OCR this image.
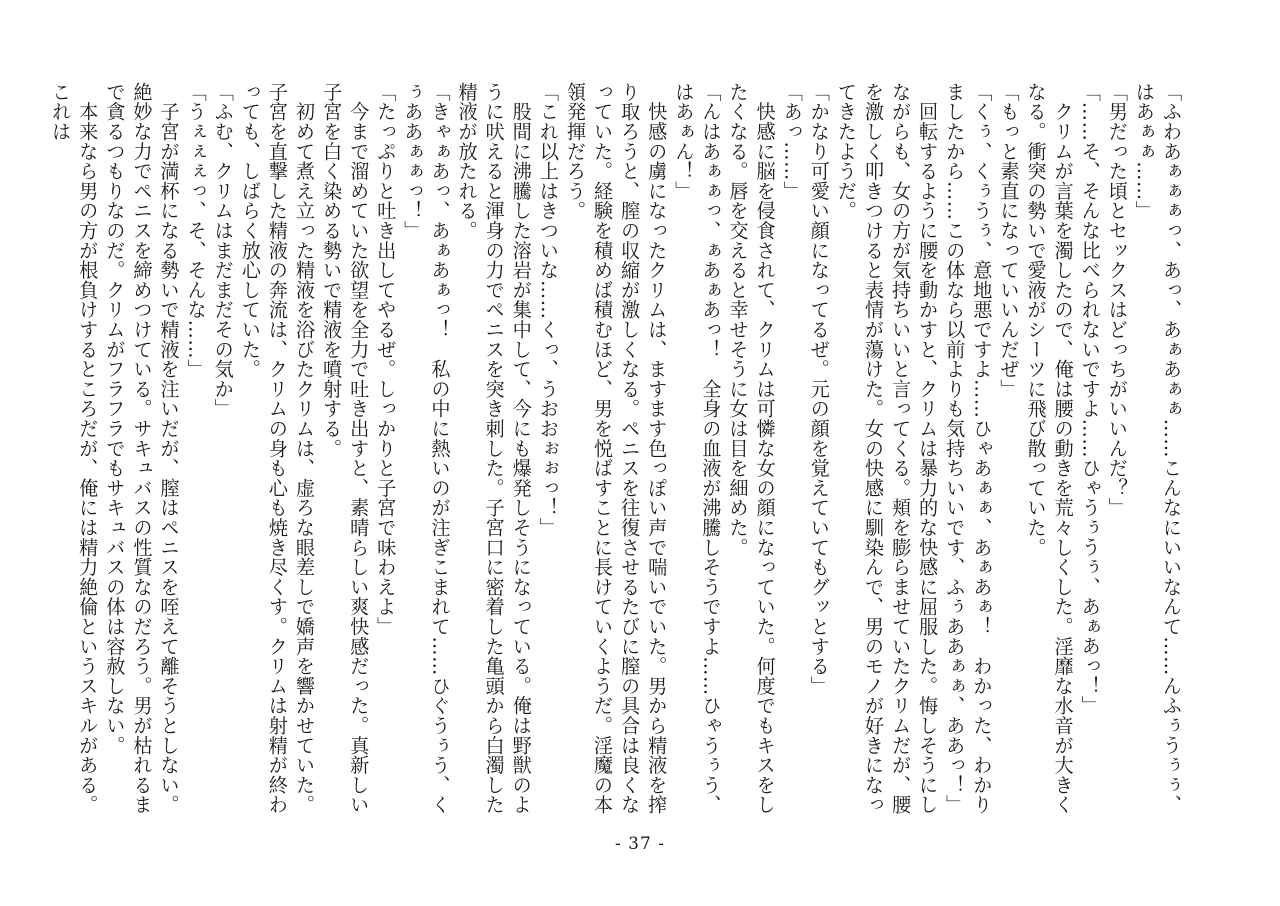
「ふわあぁぁぁっ、あっ、あぁあぁぁ……こんなにいいなんて……んふぅうぅぅ、はあぁぁ……」

「男だった頃とセックスはどっちがいいんだ？」

「……そ、そんな比べられないですよ……ひゃうぅうぅ、あぁあっ！」

　クリムが言葉を濁したので、俺は腰の動きを荒々しくした。淫靡な水音が大きくなる。衝突の勢いで愛液がシーツに飛び散っていた。

「もっと素直になっていいんだぜ」

「くぅ、くぅうぅ、意地悪ですよ……ひゃあぁぁ、あぁあぁ！　わかった、わかりましたから……この体なら以前よりも気持ちいいです、ふぅああぁぁ、ああっ！」

　回転するように腰を動かすと、クリムは暴力的な快感に屈服した。悔しそうにしながらも、女の方が気持ちいいと言ってくる。頬を膨らませていたクリムだが、腰を激しく叩きつけると表情が蕩けた。女の快感に馴染んで、男のモノが好きになってきたようだ。

「かなり可愛い顔になってるぜ。元の顔を覚えていてもグッとする」

「あっ……」

　快感に脳を侵食されて、クリムは可憐な女の顔になっていた。何度でもキスをしたくなる。唇を交えると幸せそうに女は目を細めた。

「んはあぁぁっ、ぁあぁあっ！　全身の血液が沸騰しそうですよ……ひゃうぅう、はあぁん！」

　快感の虜になったクリムは、ますます色っぽい声で喘いでいた。男から精液を搾り取ろうと、膣の収縮が激しくなる。ペニスを往復させるたびに膣の具合は良くなっていた。経験を積めば積むほど、男を悦ばすことに長けていくようだ。淫魔の本領発揮だろう。

「これ以上はきついな……くっ、うおおぉぉっ！」

　股間に沸騰した溶岩が集中して、今にも爆発しそうになっている。俺は野獣のように吠えると渾身の力でペニスを突き刺した。子宮口に密着した亀頭から白濁した精液が放たれる。

「きゃぁあっ、あぁあぁっ！　私の中に熱いのが注ぎこまれて……ひぐうぅう、くぅああぁぁっ！」

「たっぷりと吐き出してやるぜ。しっかりと子宮で味わえよ」

　今まで溜めていた欲望を全力で吐き出すと、素晴らしい爽快感だった。真新しい子宮を白く染める勢いで精液を噴射する。

　初めて煮え立った精液を浴びたクリムは、虚ろな眼差しで嬌声を響かせていた。子宮を直撃した精液の奔流は、クリムの身も心も焼き尽くす。クリムは射精が終わっても、しばらく放心していた。

「ふむ、クリムはまだまだその気か」

「うぇぇぇっ、そ、そんな……」

　子宮が満杯になる勢いで精液を注いだが、膣はペニスを咥えて離そうとしない。絶妙な力でペニスを締めつけている。サキュバスの性質なのだろう。男が枯れるまで貪るつもりなのだ。クリムがフラフラでもサキュバスの体は容赦しない。

　本来なら男の方が根負けするところだが、俺には精力絶倫というスキルがある。これは

- 37 -
